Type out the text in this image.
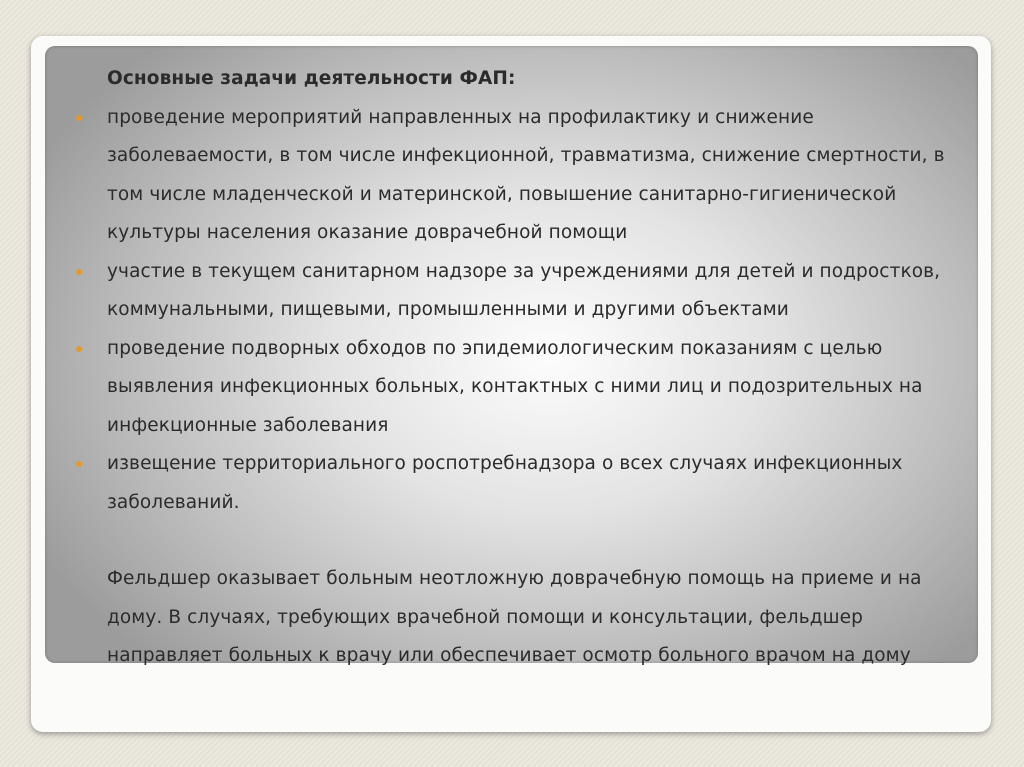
Основные задачи деятельности ФАП:

проведение мероприятий направленных на профилактику и снижение заболеваемости, в том числе инфекционной, травматизма, снижение смертности, в том числе младенческой и материнской, повышение санитарно-гигиенической культуры населения оказание доврачебной помощи
участие в текущем санитарном надзоре за учреждениями для детей и подростков, коммунальными, пищевыми, промышленными и другими объектами
проведение подворных обходов по эпидемиологическим показаниям с целью выявления инфекционных больных, контактных с ними лиц и подозрительных на инфекционные заболевания
извещение территориального роспотребнадзора о всех случаях инфекционных заболеваний.

Фельдшер оказывает больным неотложную доврачебную помощь на приеме и на дому. В случаях, требующих врачебной помощи и консультации, фельдшер направляет больных к врачу или обеспечивает осмотр больного врачом на дому
